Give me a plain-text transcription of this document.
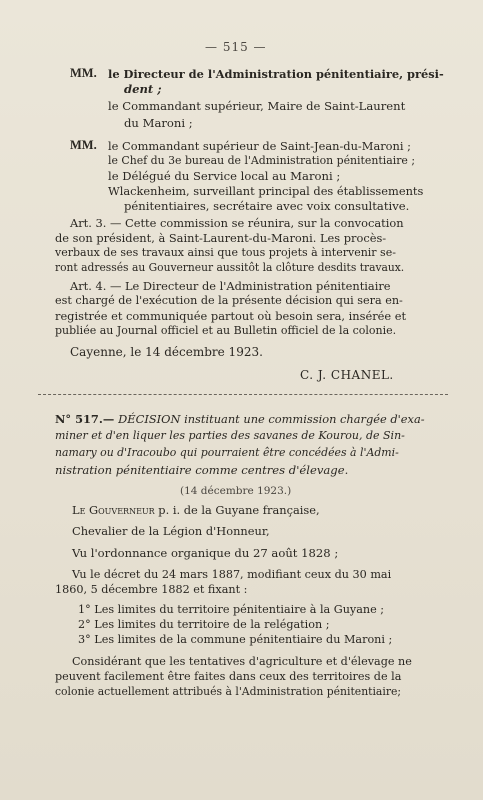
— 515 —
MM. le Directeur de l'Administration pénitentiaire, prési-
dent ;
le Commandant supérieur, Maire de Saint-Laurent
du Maroni ;
MM. le Commandant supérieur de Saint-Jean-du-Maroni ;
le Chef du 3e bureau de l'Administration pénitentiaire ;
le Délégué du Service local au Maroni ;
Wlackenheim, surveillant principal des établissements
pénitentiaires, secrétaire avec voix consultative.
Art. 3. — Cette commission se réunira, sur la convocation
de son président, à Saint-Laurent-du-Maroni. Les procès-
verbaux de ses travaux ainsi que tous projets à intervenir se-
ront adressés au Gouverneur aussitôt la clôture desdits travaux.
Art. 4. — Le Directeur de l'Administration pénitentiaire
est chargé de l'exécution de la présente décision qui sera en-
registrée et communiquée partout où besoin sera, insérée et
publiée au Journal officiel et au Bulletin officiel de la colonie.
Cayenne, le 14 décembre 1923.
C. J. CHANEL.
N° 517.— DÉCISION instituant une commission chargée d'exa-
miner et d'en liquer les parties des savanes de Kourou, de Sin-
namary ou d'Iracoubo qui pourraient être concédées à l'Admi-
nistration pénitentiaire comme centres d'élevage.
(14 décembre 1923.)
Le Gouverneur p. i. de la Guyane française,
Chevalier de la Légion d'Honneur,
Vu l'ordonnance organique du 27 août 1828 ;
Vu le décret du 24 mars 1887, modifiant ceux du 30 mai
1860, 5 décembre 1882 et fixant :
1° Les limites du territoire pénitentiaire à la Guyane ;
2° Les limites du territoire de la relégation ;
3° Les limites de la commune pénitentiaire du Maroni ;
Considérant que les tentatives d'agriculture et d'élevage ne
peuvent facilement être faites dans ceux des territoires de la
colonie actuellement attribués à l'Administration pénitentiaire;
